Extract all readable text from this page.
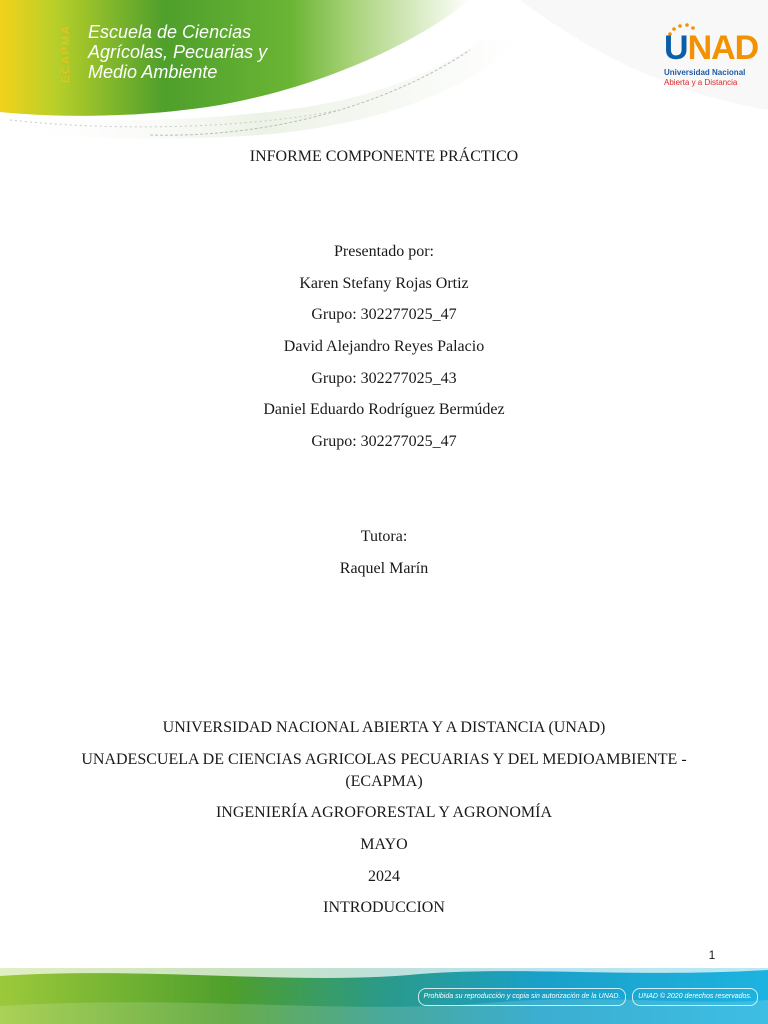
ECAPMA Escuela de Ciencias
Agrícolas, Pecuarias y
Medio Ambiente
UNAD
Universidad Nacional
Abierta y a Distancia
INFORME COMPONENTE PRÁCTICO
Presentado por:
Karen Stefany Rojas Ortiz
Grupo: 302277025_47
David Alejandro Reyes Palacio
Grupo: 302277025_43
Daniel Eduardo Rodríguez Bermúdez
Grupo: 302277025_47
Tutora:
Raquel Marín
UNIVERSIDAD NACIONAL ABIERTA Y A DISTANCIA (UNAD)
UNADESCUELA DE CIENCIAS AGRICOLAS PECUARIAS Y DEL MEDIOAMBIENTE -
(ECAPMA)
INGENIERÍA AGROFORESTAL Y AGRONOMÍA
MAYO
2024
INTRODUCCION
1
Prohibida su reproducción y copia sin autorización de la UNAD.	UNAD © 2020 derechos reservados.
